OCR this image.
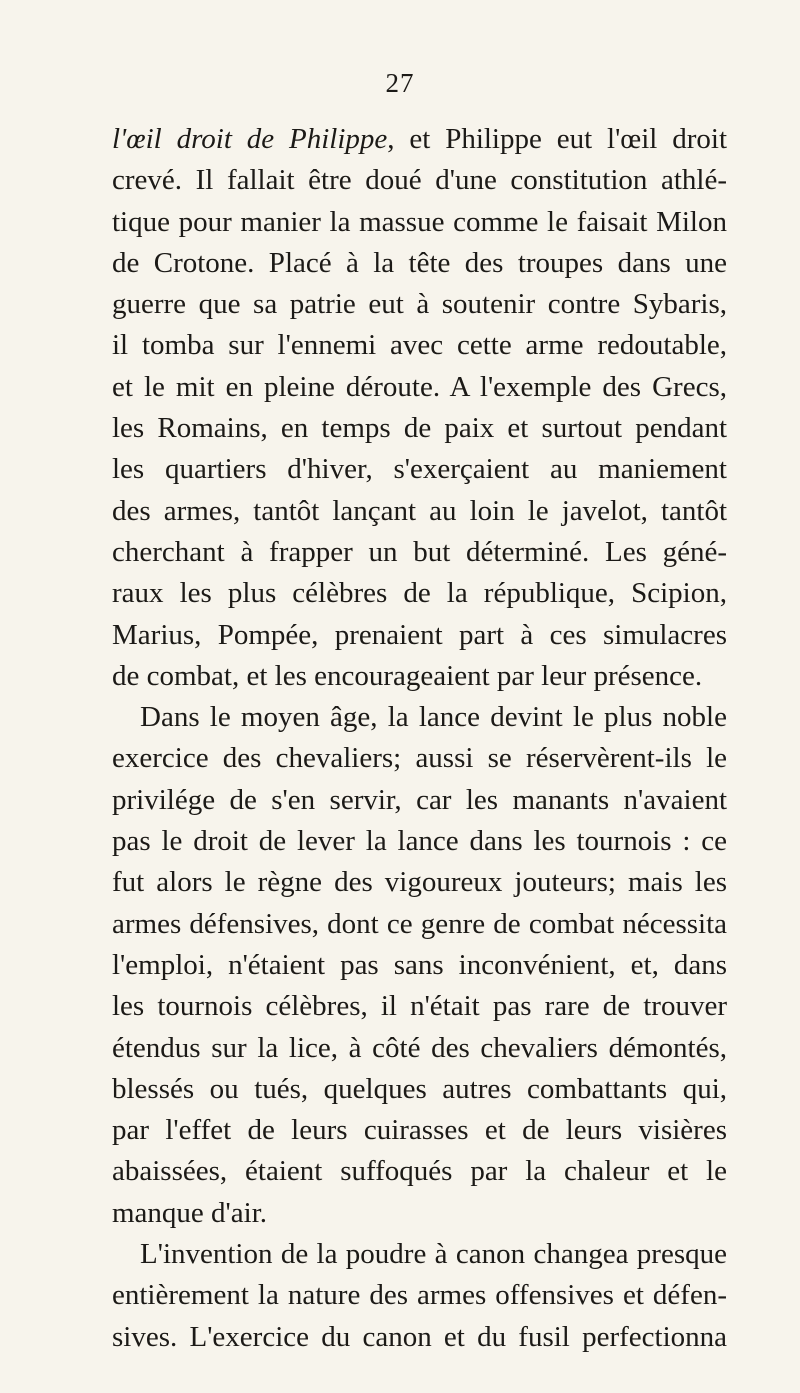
27
l'œil droit de Philippe, et Philippe eut l'œil droit
crevé. Il fallait être doué d'une constitution athlé-
tique pour manier la massue comme le faisait Milon
de Crotone. Placé à la tête des troupes dans une
guerre que sa patrie eut à soutenir contre Sybaris,
il tomba sur l'ennemi avec cette arme redoutable,
et le mit en pleine déroute. A l'exemple des Grecs,
les Romains, en temps de paix et surtout pendant
les quartiers d'hiver, s'exerçaient au maniement
des armes, tantôt lançant au loin le javelot, tantôt
cherchant à frapper un but déterminé. Les géné-
raux les plus célèbres de la république, Scipion,
Marius, Pompée, prenaient part à ces simulacres
de combat, et les encourageaient par leur présence.
Dans le moyen âge, la lance devint le plus noble
exercice des chevaliers; aussi se réservèrent-ils le
privilége de s'en servir, car les manants n'avaient
pas le droit de lever la lance dans les tournois : ce
fut alors le règne des vigoureux jouteurs; mais les
armes défensives, dont ce genre de combat nécessita
l'emploi, n'étaient pas sans inconvénient, et, dans
les tournois célèbres, il n'était pas rare de trouver
étendus sur la lice, à côté des chevaliers démontés,
blessés ou tués, quelques autres combattants qui,
par l'effet de leurs cuirasses et de leurs visières
abaissées, étaient suffoqués par la chaleur et le
manque d'air.
L'invention de la poudre à canon changea presque
entièrement la nature des armes offensives et défen-
sives. L'exercice du canon et du fusil perfectionna
